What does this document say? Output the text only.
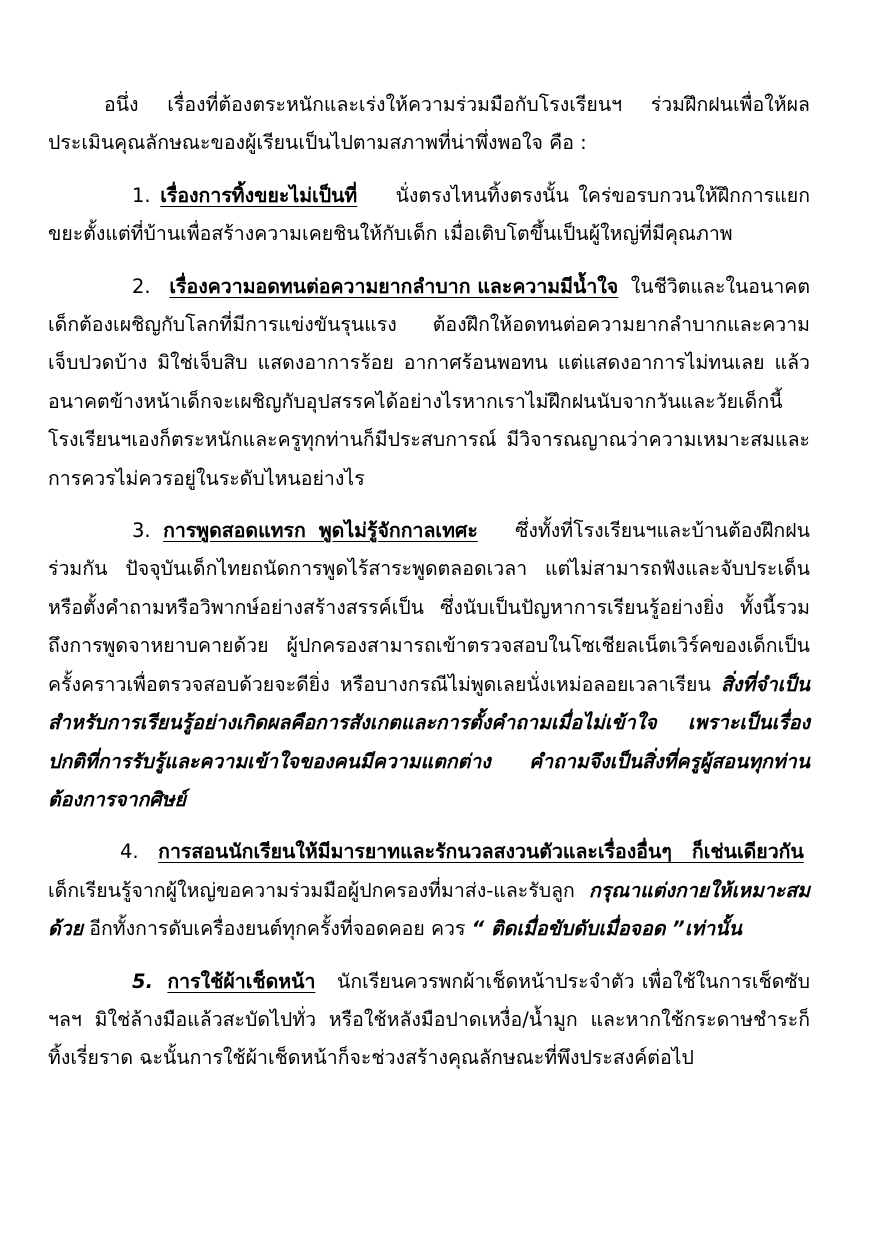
อนึ่ง เรื่องที่ต้องตระหนักและเร่งให้ความร่วมมือกับโรงเรียนฯ ร่วมฝึกฝนเพื่อให้ผลประเมินคุณลักษณะของผู้เรียนเป็นไปตามสภาพที่น่าพึ่งพอใจ คือ :

1. เรื่องการทิ้งขยะไม่เป็นที่ นั่งตรงไหนทิ้งตรงนั้น ใคร่ขอรบกวนให้ฝึกการแยกขยะตั้งแต่ที่บ้านเพื่อสร้างความเคยชินให้กับเด็ก เมื่อเติบโตขึ้นเป็นผู้ใหญ่ที่มีคุณภาพ

2. เรื่องความอดทนต่อความยากลำบาก และความมีน้ำใจ ในชีวิตและในอนาคตเด็กต้องเผชิญกับโลกที่มีการแข่งขันรุนแรง ต้องฝึกให้อดทนต่อความยากลำบากและความเจ็บปวดบ้าง มิใช่เจ็บสิบ แสดงอาการร้อย อากาศร้อนพอทน แต่แสดงอาการไม่ทนเลย แล้วอนาคตข้างหน้าเด็กจะเผชิญกับอุปสรรคได้อย่างไรหากเราไม่ฝึกฝนนับจากวันและวัยเด็กนี้ โรงเรียนฯเองก็ตระหนักและครูทุกท่านก็มีประสบการณ์ มีวิจารณญาณว่าความเหมาะสมและการควรไม่ควรอยู่ในระดับไหนอย่างไร

3. การพูดสอดแทรก พูดไม่รู้จักกาลเทศะ ซึ่งทั้งที่โรงเรียนฯและบ้านต้องฝึกฝนร่วมกัน ปัจจุบันเด็กไทยถนัดการพูดไร้สาระพูดตลอดเวลา แต่ไม่สามารถฟังและจับประเด็นหรือตั้งคำถามหรือวิพากษ์อย่างสร้างสรรค์เป็น ซึ่งนับเป็นปัญหาการเรียนรู้อย่างยิ่ง ทั้งนี้รวมถึงการพูดจาหยาบคายด้วย ผู้ปกครองสามารถเข้าตรวจสอบในโซเชียลเน็ตเวิร์คของเด็กเป็นครั้งคราวเพื่อตรวจสอบด้วยจะดียิ่ง หรือบางกรณีไม่พูดเลยนั่งเหม่อลอยเวลาเรียน สิ่งที่จำเป็นสำหรับการเรียนรู้อย่างเกิดผลคือการสังเกตและการตั้งคำถามเมื่อไม่เข้าใจ เพราะเป็นเรื่องปกติที่การรับรู้และความเข้าใจของคนมีความแตกต่าง คำถามจึงเป็นสิ่งที่ครูผู้สอนทุกท่านต้องการจากศิษย์

4. การสอนนักเรียนให้มีมารยาทและรักนวลสงวนตัวและเรื่องอื่นๆ ก็เช่นเดียวกัน  เด็กเรียนรู้จากผู้ใหญ่ขอความร่วมมือผู้ปกครองที่มาส่ง-และรับลูก กรุณาแต่งกายให้เหมาะสมด้วย อีกทั้งการดับเครื่องยนต์ทุกครั้งที่จอดคอย ควร “ ติดเมื่อขับดับเมื่อจอด ”เท่านั้น

5. การใช้ผ้าเช็ดหน้า นักเรียนควรพกผ้าเช็ดหน้าประจำตัว เพื่อใช้ในการเช็ดซับ ฯลฯ มิใช่ล้างมือแล้วสะบัดไปทั่ว หรือใช้หลังมือปาดเหงื่อ/น้ำมูก และหากใช้กระดาษชำระก็ทิ้งเรี่ยราด ฉะนั้นการใช้ผ้าเช็ดหน้าก็จะช่วงสร้างคุณลักษณะที่พึงประสงค์ต่อไป
